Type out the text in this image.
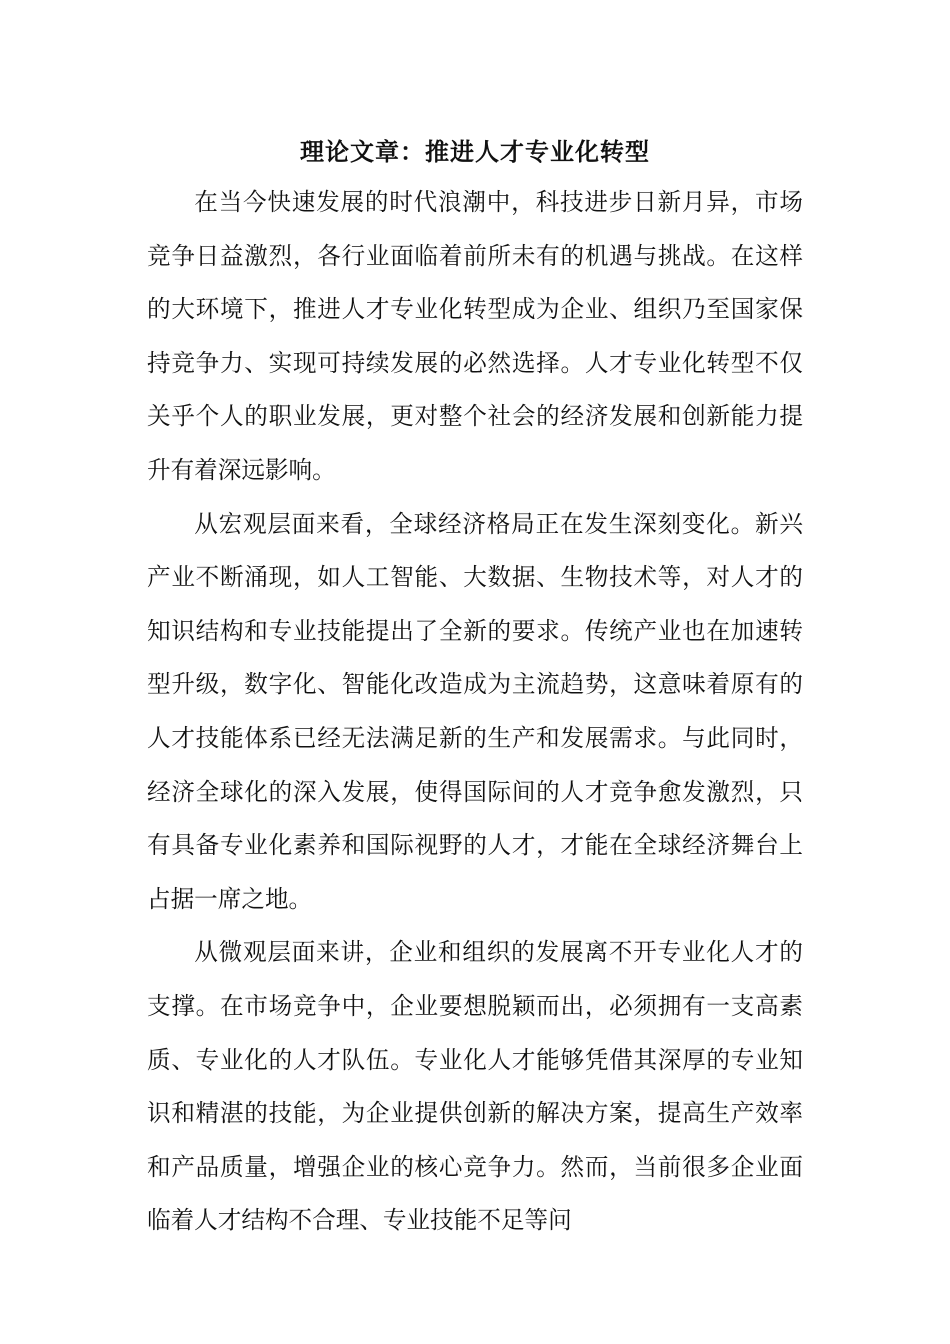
理论文章：推进人才专业化转型

在当今快速发展的时代浪潮中，科技进步日新月异，市场竞争日益激烈，各行业面临着前所未有的机遇与挑战。在这样的大环境下，推进人才专业化转型成为企业、组织乃至国家保持竞争力、实现可持续发展的必然选择。人才专业化转型不仅关乎个人的职业发展，更对整个社会的经济发展和创新能力提升有着深远影响。

从宏观层面来看，全球经济格局正在发生深刻变化。新兴产业不断涌现，如人工智能、大数据、生物技术等，对人才的知识结构和专业技能提出了全新的要求。传统产业也在加速转型升级，数字化、智能化改造成为主流趋势，这意味着原有的人才技能体系已经无法满足新的生产和发展需求。与此同时，经济全球化的深入发展，使得国际间的人才竞争愈发激烈，只有具备专业化素养和国际视野的人才，才能在全球经济舞台上占据一席之地。

从微观层面来讲，企业和组织的发展离不开专业化人才的支撑。在市场竞争中，企业要想脱颖而出，必须拥有一支高素质、专业化的人才队伍。专业化人才能够凭借其深厚的专业知识和精湛的技能，为企业提供创新的解决方案，提高生产效率和产品质量，增强企业的核心竞争力。然而，当前很多企业面临着人才结构不合理、专业技能不足等问
